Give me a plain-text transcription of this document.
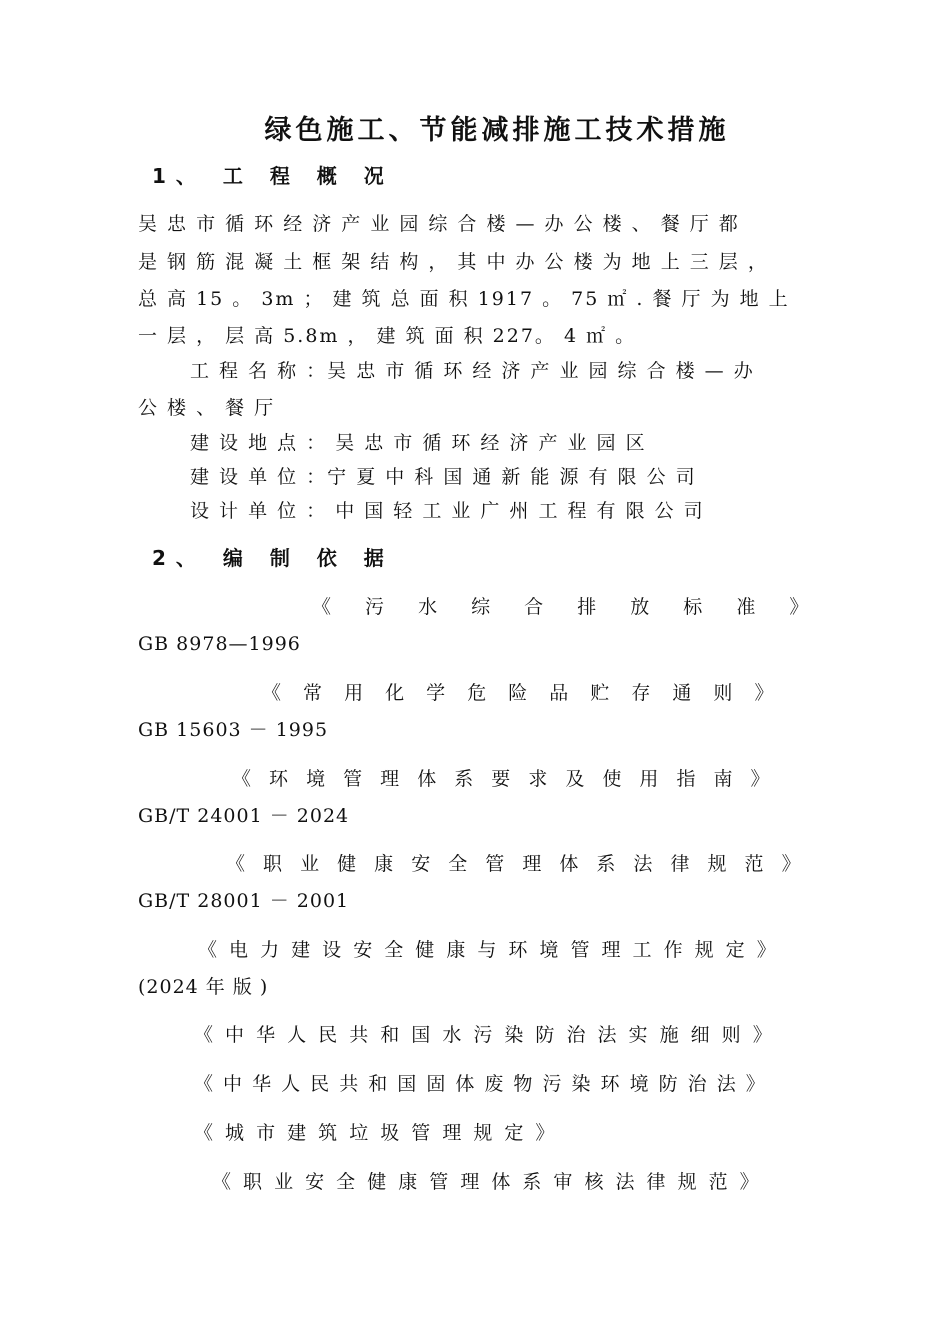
绿色施工、节能减排施工技术措施
1、 工 程 概 况
吴 忠 市 循 环 经 济 产 业 园 综 合 楼 — 办 公 楼 、 餐 厅 都
是 钢 筋 混 凝 土 框 架 结 构 ， 其 中 办 公 楼 为 地 上 三 层 ，
总 高 15 。 3m ； 建 筑 总 面 积 1917 。 75 ㎡ . 餐 厅 为 地 上
一 层 ， 层 高 5.8m ， 建 筑 面 积 227。 4 ㎡ 。
工 程 名 称 ：吴 忠 市 循 环 经 济 产 业 园 综 合 楼 — 办
公 楼 、 餐 厅
建 设 地 点 ： 吴 忠 市 循 环 经 济 产 业 园 区
建 设 单 位 ：宁 夏 中 科 国 通 新 能 源 有 限 公 司
设 计 单 位 ： 中 国 轻 工 业 广 州 工 程 有 限 公 司
2、 编 制 依 据
《 污 水 综 合 排 放 标 准 》
GB 8978—1996
《 常 用 化 学 危 险 品 贮 存 通 则 》
GB 15603 － 1995
《 环 境 管 理 体 系 要 求 及 使 用 指 南 》
GB/T 24001 － 2024
《 职 业 健 康 安 全 管 理 体 系 法 律 规 范 》
GB/T 28001 － 2001
《 电 力 建 设 安 全 健 康 与 环 境 管 理 工 作 规 定 》
(2024 年 版 )
《 中 华 人 民 共 和 国 水 污 染 防 治 法 实 施 细 则 》
《 中 华 人 民 共 和 国 固 体 废 物 污 染 环 境 防 治 法 》
《 城 市 建 筑 垃 圾 管 理 规 定 》
《 职 业 安 全 健 康 管 理 体 系 审 核 法 律 规 范 》
